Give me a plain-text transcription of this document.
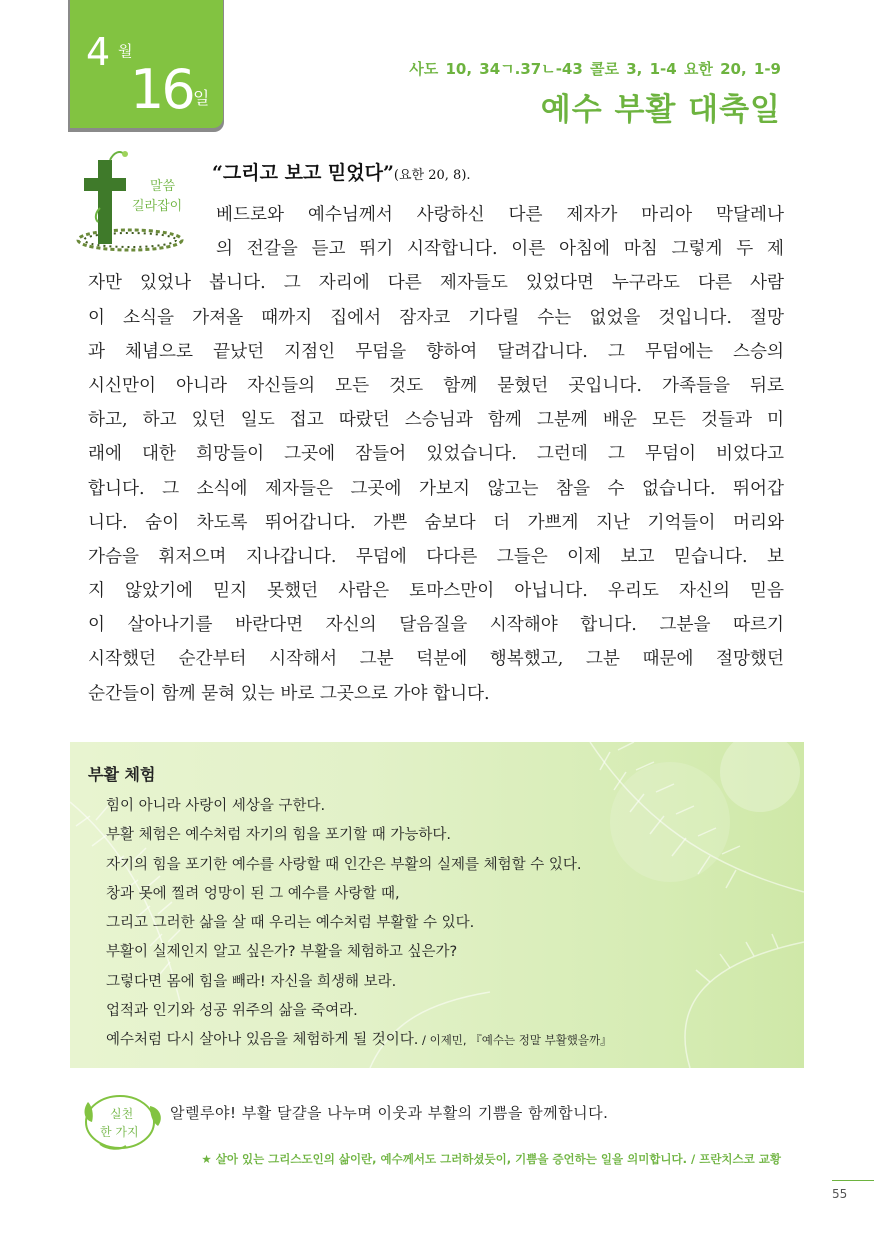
4 월
16 일
사도 10, 34ㄱ.37ㄴ-43 콜로 3, 1-4 요한 20, 1-9
예수 부활 대축일
말씀
길라잡이
“그리고 보고 믿었다”(요한 20, 8).
베드로와 예수님께서 사랑하신 다른 제자가 마리아 막달레나
의 전갈을 듣고 뛰기 시작합니다. 이른 아침에 마침 그렇게 두 제
자만 있었나 봅니다. 그 자리에 다른 제자들도 있었다면 누구라도 다른 사람
이 소식을 가져올 때까지 집에서 잠자코 기다릴 수는 없었을 것입니다. 절망
과 체념으로 끝났던 지점인 무덤을 향하여 달려갑니다. 그 무덤에는 스승의
시신만이 아니라 자신들의 모든 것도 함께 묻혔던 곳입니다. 가족들을 뒤로
하고, 하고 있던 일도 접고 따랐던 스승님과 함께 그분께 배운 모든 것들과 미
래에 대한 희망들이 그곳에 잠들어 있었습니다. 그런데 그 무덤이 비었다고
합니다. 그 소식에 제자들은 그곳에 가보지 않고는 참을 수 없습니다. 뛰어갑
니다. 숨이 차도록 뛰어갑니다. 가쁜 숨보다 더 가쁘게 지난 기억들이 머리와
가슴을 휘저으며 지나갑니다. 무덤에 다다른 그들은 이제 보고 믿습니다. 보
지 않았기에 믿지 못했던 사람은 토마스만이 아닙니다. 우리도 자신의 믿음
이 살아나기를 바란다면 자신의 달음질을 시작해야 합니다. 그분을 따르기
시작했던 순간부터 시작해서 그분 덕분에 행복했고, 그분 때문에 절망했던
순간들이 함께 묻혀 있는 바로 그곳으로 가야 합니다.
부활 체험
힘이 아니라 사랑이 세상을 구한다.
부활 체험은 예수처럼 자기의 힘을 포기할 때 가능하다.
자기의 힘을 포기한 예수를 사랑할 때 인간은 부활의 실제를 체험할 수 있다.
창과 못에 찔려 엉망이 된 그 예수를 사랑할 때,
그리고 그러한 삶을 살 때 우리는 예수처럼 부활할 수 있다.
부활이 실제인지 알고 싶은가? 부활을 체험하고 싶은가?
그렇다면 몸에 힘을 빼라! 자신을 희생해 보라.
업적과 인기와 성공 위주의 삶을 죽여라.
예수처럼 다시 살아나 있음을 체험하게 될 것이다. / 이제민, 『예수는 정말 부활했을까』
실천
한 가지
알렐루야! 부활 달걀을 나누며 이웃과 부활의 기쁨을 함께합니다.
★ 살아 있는 그리스도인의 삶이란, 예수께서도 그러하셨듯이, 기쁨을 증언하는 일을 의미합니다. / 프란치스코 교황
55
